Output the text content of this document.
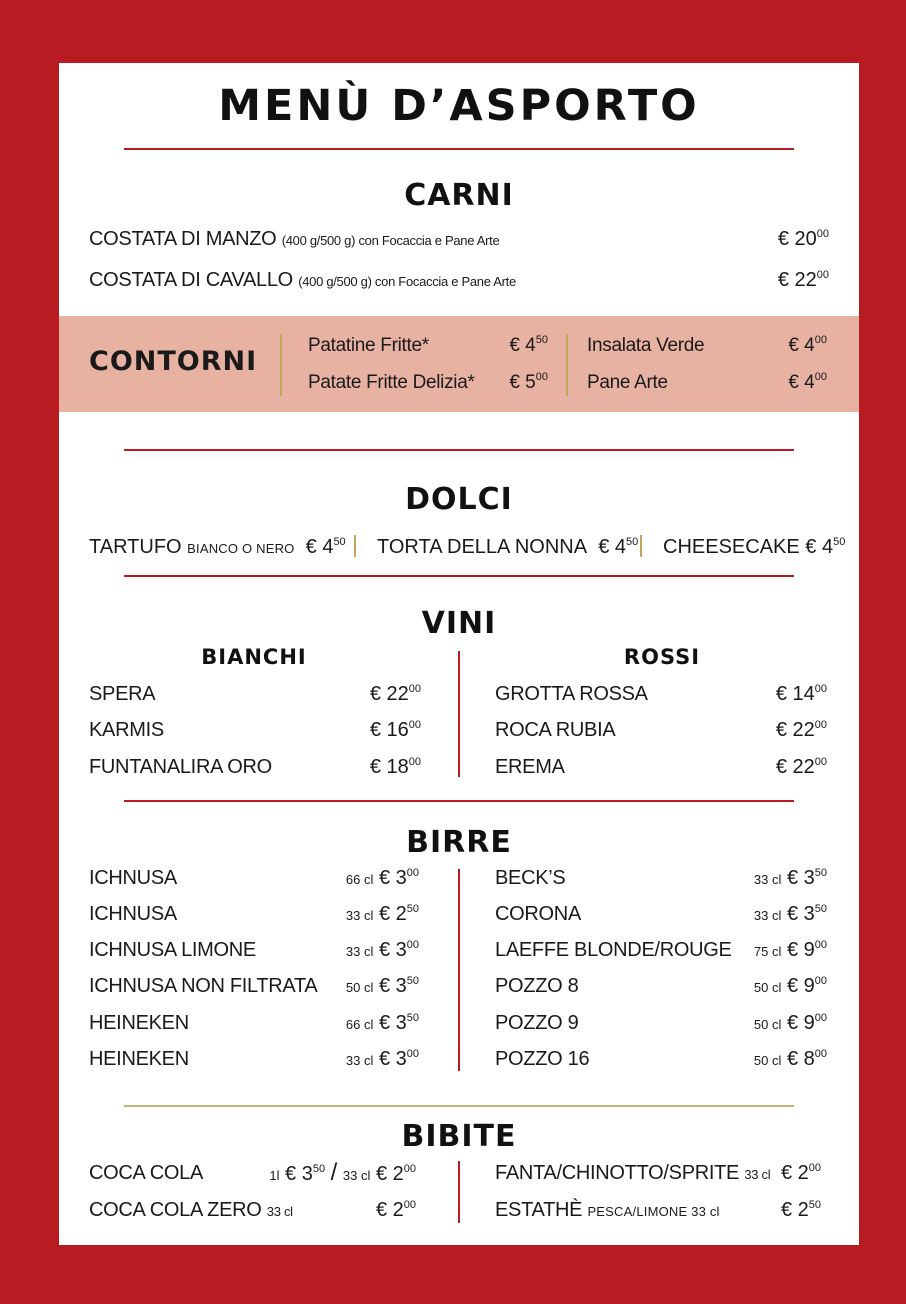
MENÙ D’ASPORTO
CARNI
COSTATA DI MANZO (400 g/500 g) con Focaccia e Pane Arte	€ $20^{00}$
COSTATA DI CAVALLO (400 g/500 g) con Focaccia e Pane Arte	€ $22^{00}$
CONTORNI
Patatine Fritte*	€ $4^{50}$
Patate Fritte Delizia* € $5^{00}$
Insalata Verde	€ $4^{00}$
Pane Arte	€ $4^{00}$
DOLCI
TARTUFO BIANCO O NERO € $4^{50}$ TORTA DELLA NONNA € $4^{50}$ CHEESECAKE € $4^{50}$
VINI
BIANCHI	ROSSI
SPERA	€ $22^{00}$
KARMIS	€ $16^{00}$
FUNTANALIRA ORO	€ $18^{00}$
GROTTA ROSSA	€ $14^{00}$
ROCA RUBIA	€ $22^{00}$
EREMA	€ $22^{00}$
BIRRE
ICHNUSA	66 cl € $3^{00}$
ICHNUSA	33 cl € $2^{50}$
ICHNUSA LIMONE	33 cl € $3^{00}$
ICHNUSA NON FILTRATA 50 cl € $3^{50}$
HEINEKEN	66 cl € $3^{50}$
HEINEKEN	33 cl € $3^{00}$
BECK’S	33 cl € $3^{50}$
CORONA	33 cl € $3^{50}$
LAEFFE BLONDE/ROUGE 75 cl € $9^{00}$
POZZO 8	50 cl € $9^{00}$
POZZO 9	50 cl € $9^{00}$
POZZO 16	50 cl € $8^{00}$
BIBITE
COCA COLA	1l € $3^{50} / 33$ cl € $2^{00}$
COCA COLA ZERO 33 cl	€ $2^{00}$
FANTA/CHINOTTO/SPRITE 33 cl € $2^{00}$
ESTATHÈ PESCA/LIMONE 33 cl	€ $2^{50}$
